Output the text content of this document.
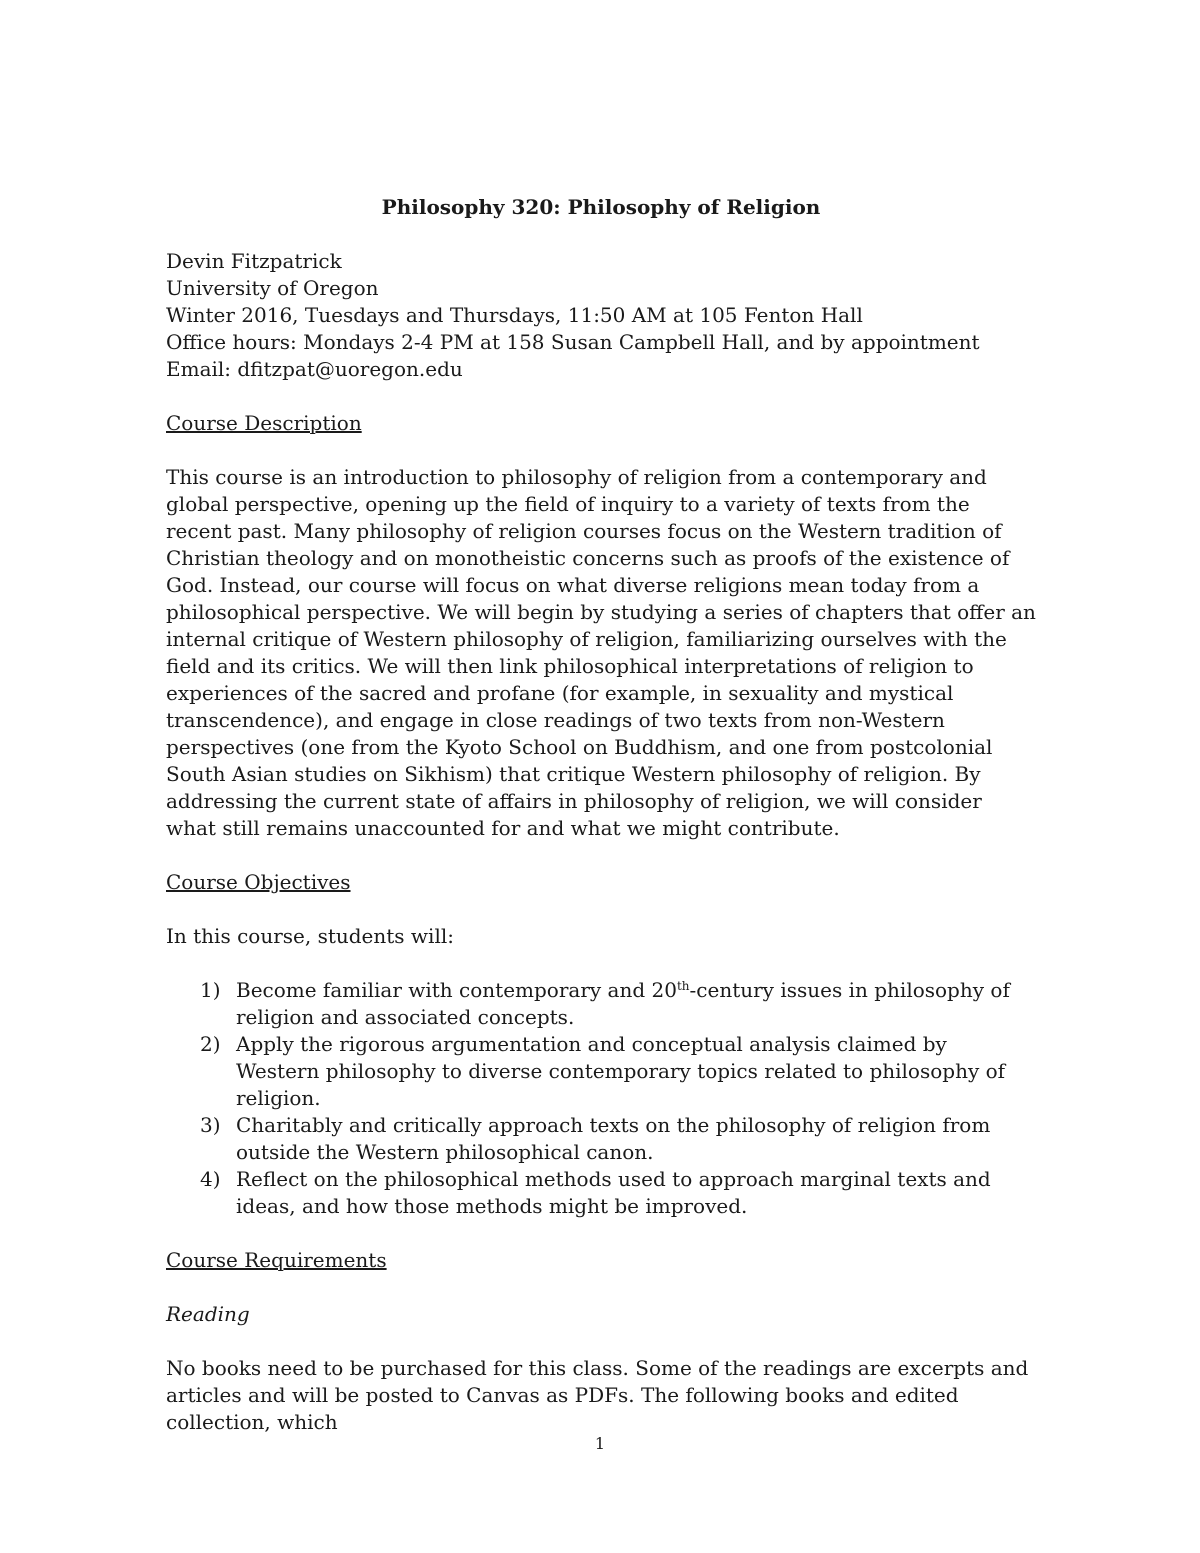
Philosophy 320: Philosophy of Religion

Devin Fitzpatrick

University of Oregon

Winter 2016, Tuesdays and Thursdays, 11:50 AM at 105 Fenton Hall

Office hours: Mondays 2-4 PM at 158 Susan Campbell Hall, and by appointment

Email: dfitzpat@uoregon.edu

Course Description

This course is an introduction to philosophy of religion from a contemporary and global perspective, opening up the field of inquiry to a variety of texts from the recent past. Many philosophy of religion courses focus on the Western tradition of Christian theology and on monotheistic concerns such as proofs of the existence of God. Instead, our course will focus on what diverse religions mean today from a philosophical perspective. We will begin by studying a series of chapters that offer an internal critique of Western philosophy of religion, familiarizing ourselves with the field and its critics. We will then link philosophical interpretations of religion to experiences of the sacred and profane (for example, in sexuality and mystical transcendence), and engage in close readings of two texts from non-Western perspectives (one from the Kyoto School on Buddhism, and one from postcolonial South Asian studies on Sikhism) that critique Western philosophy of religion. By addressing the current state of affairs in philosophy of religion, we will consider what still remains unaccounted for and what we might contribute.

Course Objectives

In this course, students will:

1) Become familiar with contemporary and 20th-century issues in philosophy of religion and associated concepts.
2) Apply the rigorous argumentation and conceptual analysis claimed by Western philosophy to diverse contemporary topics related to philosophy of religion.
3) Charitably and critically approach texts on the philosophy of religion from outside the Western philosophical canon.
4) Reflect on the philosophical methods used to approach marginal texts and ideas, and how those methods might be improved.

Course Requirements

Reading

No books need to be purchased for this class. Some of the readings are excerpts and articles and will be posted to Canvas as PDFs. The following books and edited collection, which

1
